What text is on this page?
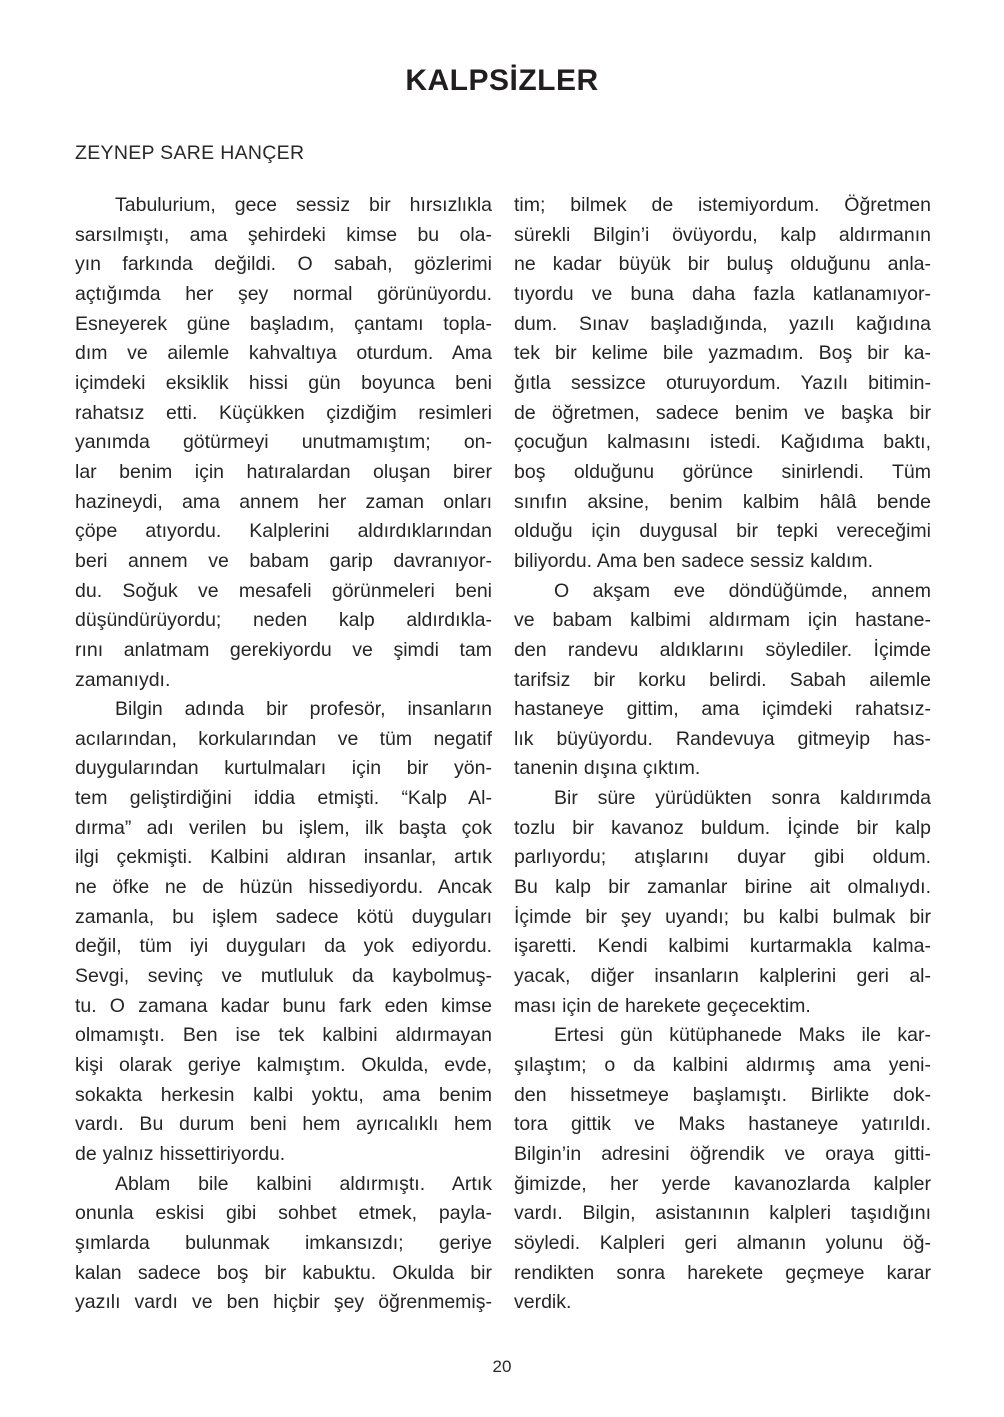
KALPSİZLER
ZEYNEP SARE HANÇER
Tabulurium, gece sessiz bir hırsızlıkla
sarsılmıştı, ama şehirdeki kimse bu ola-
yın farkında değildi. O sabah, gözlerimi
açtığımda her şey normal görünüyordu.
Esneyerek güne başladım, çantamı topla-
dım ve ailemle kahvaltıya oturdum. Ama
içimdeki eksiklik hissi gün boyunca beni
rahatsız etti. Küçükken çizdiğim resimleri
yanımda götürmeyi unutmamıştım; on-
lar benim için hatıralardan oluşan birer
hazineydi, ama annem her zaman onları
çöpe atıyordu. Kalplerini aldırdıklarından
beri annem ve babam garip davranıyor-
du. Soğuk ve mesafeli görünmeleri beni
düşündürüyordu; neden kalp aldırdıkla-
rını anlatmam gerekiyordu ve şimdi tam
zamanıydı.
Bilgin adında bir profesör, insanların
acılarından, korkularından ve tüm negatif
duygularından kurtulmaları için bir yön-
tem geliştirdiğini iddia etmişti. “Kalp Al-
dırma” adı verilen bu işlem, ilk başta çok
ilgi çekmişti. Kalbini aldıran insanlar, artık
ne öfke ne de hüzün hissediyordu. Ancak
zamanla, bu işlem sadece kötü duyguları
değil, tüm iyi duyguları da yok ediyordu.
Sevgi, sevinç ve mutluluk da kaybolmuş-
tu. O zamana kadar bunu fark eden kimse
olmamıştı. Ben ise tek kalbini aldırmayan
kişi olarak geriye kalmıştım. Okulda, evde,
sokakta herkesin kalbi yoktu, ama benim
vardı. Bu durum beni hem ayrıcalıklı hem
de yalnız hissettiriyordu.
Ablam bile kalbini aldırmıştı. Artık
onunla eskisi gibi sohbet etmek, payla-
şımlarda bulunmak imkansızdı; geriye
kalan sadece boş bir kabuktu. Okulda bir
yazılı vardı ve ben hiçbir şey öğrenmemiş-
tim; bilmek de istemiyordum. Öğretmen
sürekli Bilgin’i övüyordu, kalp aldırmanın
ne kadar büyük bir buluş olduğunu anla-
tıyordu ve buna daha fazla katlanamıyor-
dum. Sınav başladığında, yazılı kağıdına
tek bir kelime bile yazmadım. Boş bir ka-
ğıtla sessizce oturuyordum. Yazılı bitimin-
de öğretmen, sadece benim ve başka bir
çocuğun kalmasını istedi. Kağıdıma baktı,
boş olduğunu görünce sinirlendi. Tüm
sınıfın aksine, benim kalbim hâlâ bende
olduğu için duygusal bir tepki vereceğimi
biliyordu. Ama ben sadece sessiz kaldım.
O akşam eve döndüğümde, annem
ve babam kalbimi aldırmam için hastane-
den randevu aldıklarını söylediler. İçimde
tarifsiz bir korku belirdi. Sabah ailemle
hastaneye gittim, ama içimdeki rahatsız-
lık büyüyordu. Randevuya gitmeyip has-
tanenin dışına çıktım.
Bir süre yürüdükten sonra kaldırımda
tozlu bir kavanoz buldum. İçinde bir kalp
parlıyordu; atışlarını duyar gibi oldum.
Bu kalp bir zamanlar birine ait olmalıydı.
İçimde bir şey uyandı; bu kalbi bulmak bir
işaretti. Kendi kalbimi kurtarmakla kalma-
yacak, diğer insanların kalplerini geri al-
ması için de harekete geçecektim.
Ertesi gün kütüphanede Maks ile kar-
şılaştım; o da kalbini aldırmış ama yeni-
den hissetmeye başlamıştı. Birlikte dok-
tora gittik ve Maks hastaneye yatırıldı.
Bilgin’in adresini öğrendik ve oraya gitti-
ğimizde, her yerde kavanozlarda kalpler
vardı. Bilgin, asistanının kalpleri taşıdığını
söyledi. Kalpleri geri almanın yolunu öğ-
rendikten sonra harekete geçmeye karar
verdik.
20
